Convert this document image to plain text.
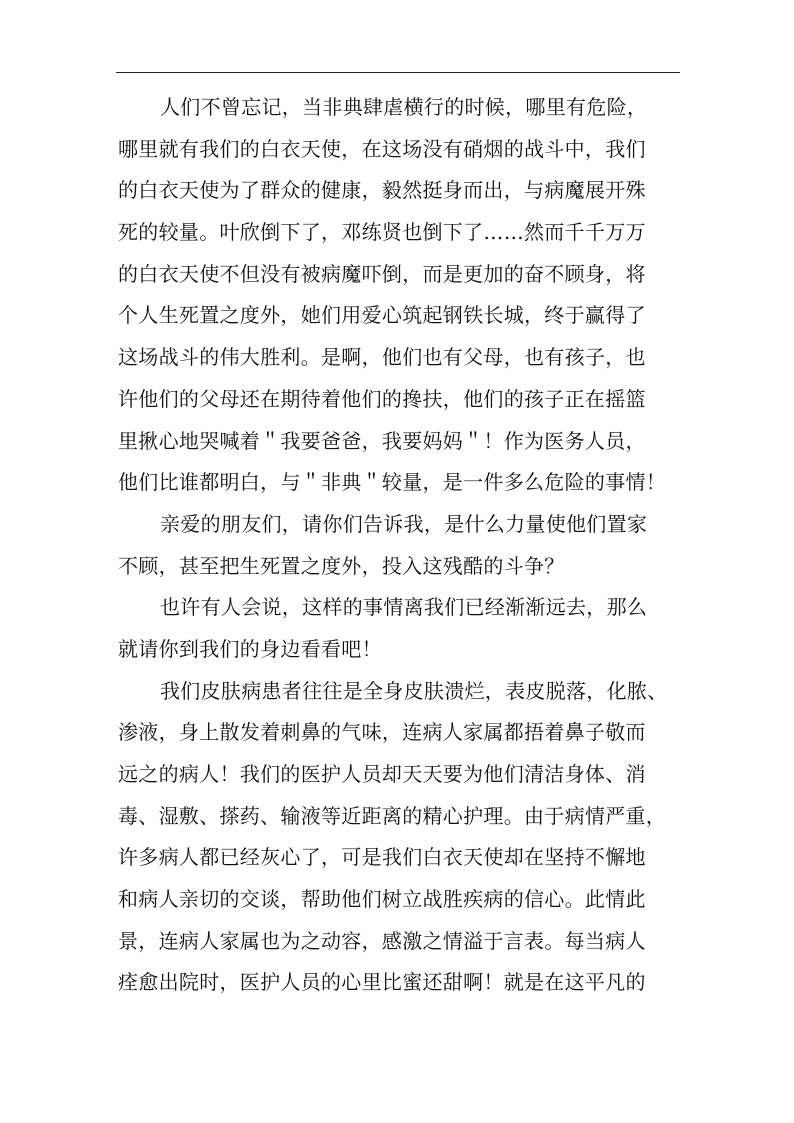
人们不曾忘记，当非典肆虐横行的时候，哪里有危险，
哪里就有我们的白衣天使，在这场没有硝烟的战斗中，我们
的白衣天使为了群众的健康，毅然挺身而出，与病魔展开殊
死的较量。叶欣倒下了，邓练贤也倒下了……然而千千万万
的白衣天使不但没有被病魔吓倒，而是更加的奋不顾身，将
个人生死置之度外，她们用爱心筑起钢铁长城，终于赢得了
这场战斗的伟大胜利。是啊，他们也有父母，也有孩子，也
许他们的父母还在期待着他们的搀扶，他们的孩子正在摇篮
里揪心地哭喊着＂我要爸爸，我要妈妈＂！作为医务人员，
他们比谁都明白，与＂非典＂较量，是一件多么危险的事情！
亲爱的朋友们，请你们告诉我，是什么力量使他们置家
不顾，甚至把生死置之度外，投入这残酷的斗争？
也许有人会说，这样的事情离我们已经渐渐远去，那么
就请你到我们的身边看看吧！
我们皮肤病患者往往是全身皮肤溃烂，表皮脱落，化脓、
渗液，身上散发着刺鼻的气味，连病人家属都捂着鼻子敬而
远之的病人！我们的医护人员却天天要为他们清洁身体、消
毒、湿敷、搽药、输液等近距离的精心护理。由于病情严重，
许多病人都已经灰心了，可是我们白衣天使却在坚持不懈地
和病人亲切的交谈，帮助他们树立战胜疾病的信心。此情此
景，连病人家属也为之动容，感激之情溢于言表。每当病人
痊愈出院时，医护人员的心里比蜜还甜啊！就是在这平凡的
